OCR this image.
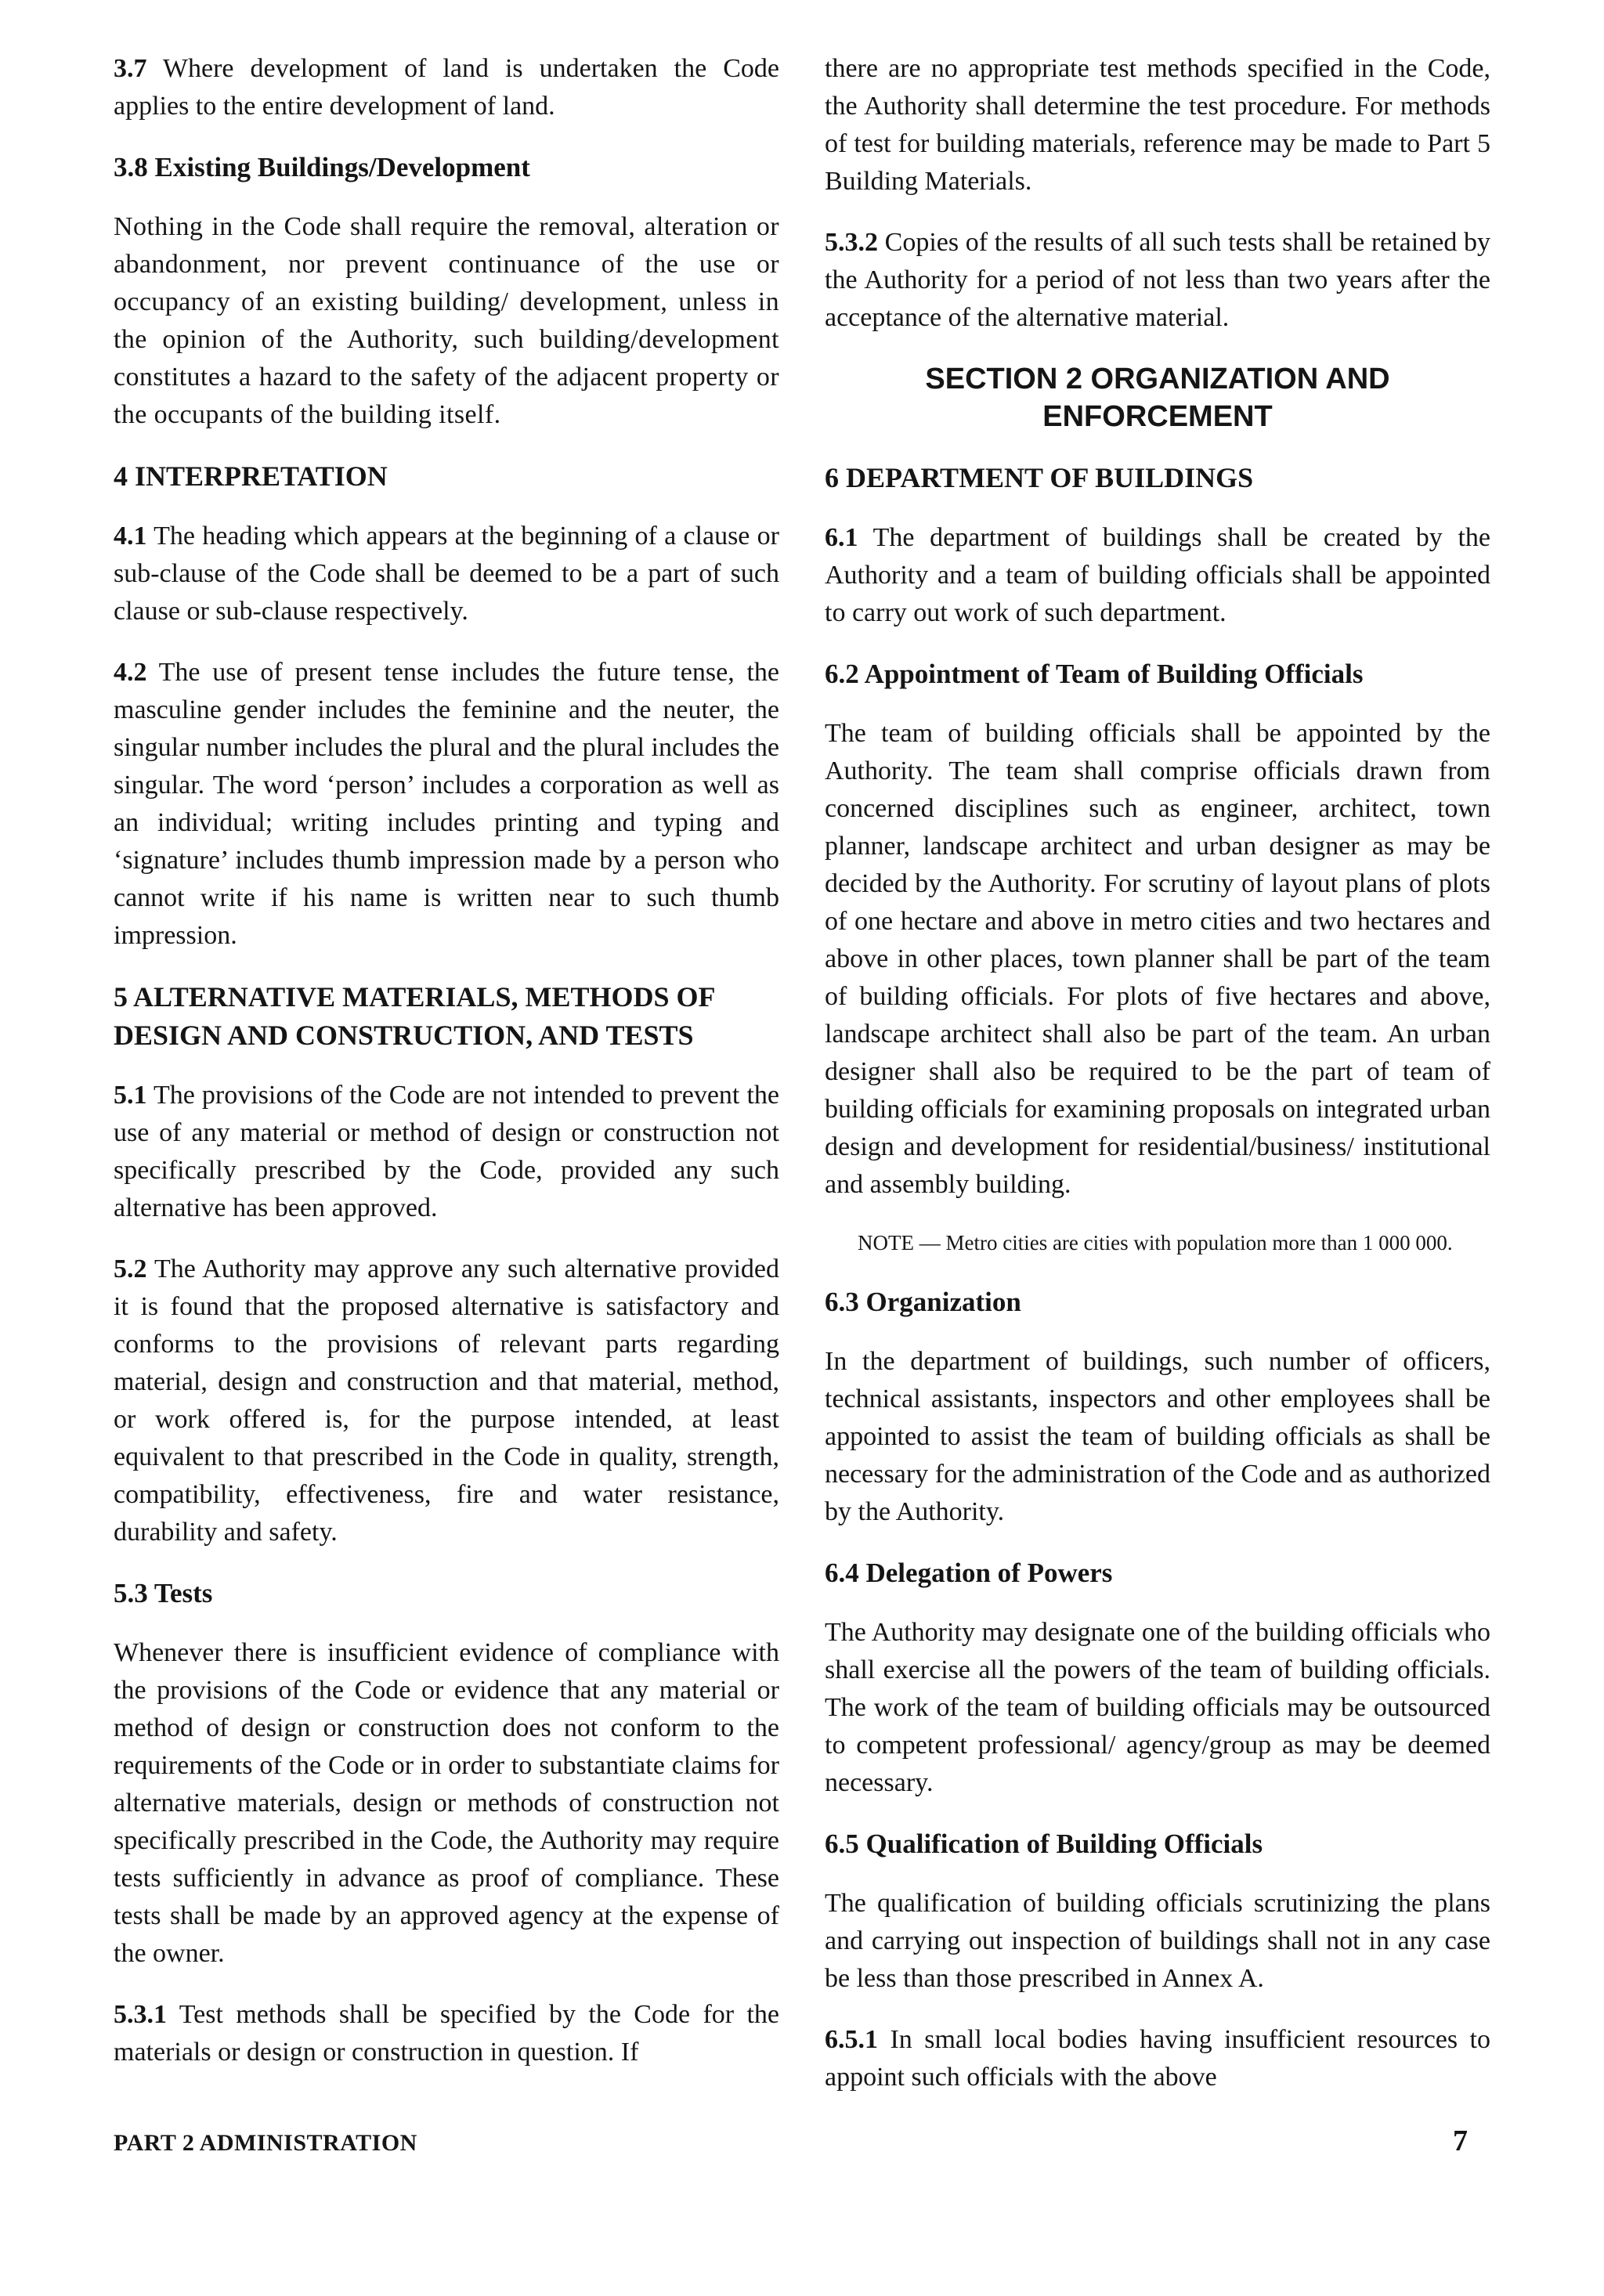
3.7 Where development of land is undertaken the Code applies to the entire development of land.

3.8 Existing Buildings/Development

Nothing in the Code shall require the removal, alteration or abandonment, nor prevent continuance of the use or occupancy of an existing building/ development, unless in the opinion of the Authority, such building/development constitutes a hazard to the safety of the adjacent property or the occupants of the building itself.

4 INTERPRETATION

4.1 The heading which appears at the beginning of a clause or sub-clause of the Code shall be deemed to be a part of such clause or sub-clause respectively.

4.2 The use of present tense includes the future tense, the masculine gender includes the feminine and the neuter, the singular number includes the plural and the plural includes the singular. The word ‘person’ includes a corporation as well as an individual; writing includes printing and typing and ‘signature’ includes thumb impression made by a person who cannot write if his name is written near to such thumb impression.

5 ALTERNATIVE MATERIALS, METHODS OF DESIGN AND CONSTRUCTION, AND TESTS

5.1 The provisions of the Code are not intended to prevent the use of any material or method of design or construction not specifically prescribed by the Code, provided any such alternative has been approved.

5.2 The Authority may approve any such alternative provided it is found that the proposed alternative is satisfactory and conforms to the provisions of relevant parts regarding material, design and construction and that material, method, or work offered is, for the purpose intended, at least equivalent to that prescribed in the Code in quality, strength, compatibility, effectiveness, fire and water resistance, durability and safety.

5.3 Tests

Whenever there is insufficient evidence of compliance with the provisions of the Code or evidence that any material or method of design or construction does not conform to the requirements of the Code or in order to substantiate claims for alternative materials, design or methods of construction not specifically prescribed in the Code, the Authority may require tests sufficiently in advance as proof of compliance. These tests shall be made by an approved agency at the expense of the owner.

5.3.1 Test methods shall be specified by the Code for the materials or design or construction in question. If

there are no appropriate test methods specified in the Code, the Authority shall determine the test procedure. For methods of test for building materials, reference may be made to Part 5 Building Materials.

5.3.2 Copies of the results of all such tests shall be retained by the Authority for a period of not less than two years after the acceptance of the alternative material.

SECTION 2 ORGANIZATION AND ENFORCEMENT
6 DEPARTMENT OF BUILDINGS

6.1 The department of buildings shall be created by the Authority and a team of building officials shall be appointed to carry out work of such department.

6.2 Appointment of Team of Building Officials

The team of building officials shall be appointed by the Authority. The team shall comprise officials drawn from concerned disciplines such as engineer, architect, town planner, landscape architect and urban designer as may be decided by the Authority. For scrutiny of layout plans of plots of one hectare and above in metro cities and two hectares and above in other places, town planner shall be part of the team of building officials. For plots of five hectares and above, landscape architect shall also be part of the team. An urban designer shall also be required to be the part of team of building officials for examining proposals on integrated urban design and development for residential/business/ institutional and assembly building.

NOTE — Metro cities are cities with population more than 1 000 000.

6.3 Organization

In the department of buildings, such number of officers, technical assistants, inspectors and other employees shall be appointed to assist the team of building officials as shall be necessary for the administration of the Code and as authorized by the Authority.

6.4 Delegation of Powers

The Authority may designate one of the building officials who shall exercise all the powers of the team of building officials. The work of the team of building officials may be outsourced to competent professional/ agency/group as may be deemed necessary.

6.5 Qualification of Building Officials

The qualification of building officials scrutinizing the plans and carrying out inspection of buildings shall not in any case be less than those prescribed in Annex A.

6.5.1 In small local bodies having insufficient resources to appoint such officials with the above

PART 2 ADMINISTRATION	7
